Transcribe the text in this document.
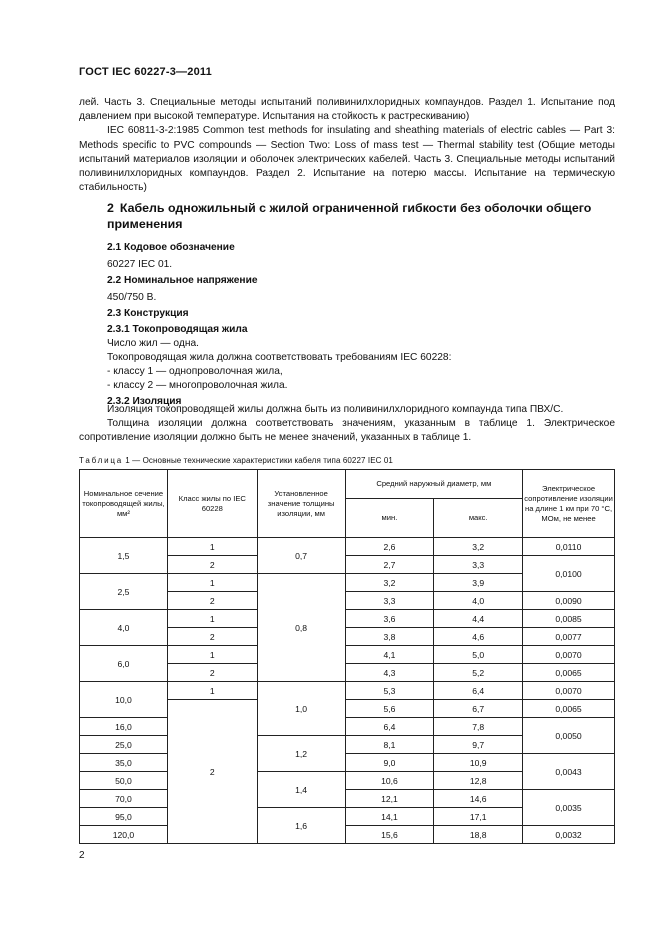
ГОСТ IEC 60227-3—2011

лей. Часть 3. Специальные методы испытаний поливинилхлоридных компаундов. Раздел 1. Испытание под давлением при высокой температуре. Испытания на стойкость к растрескиванию)

IEC 60811-3-2:1985 Common test methods for insulating and sheathing materials of electric cables — Part 3: Methods specific to PVC compounds — Section Two: Loss of mass test — Thermal stability test (Общие методы испытаний материалов изоляции и оболочек электрических кабелей. Часть 3. Специальные методы испытаний поливинилхлоридных компаундов. Раздел 2. Испытание на потерю массы. Испытание на термическую стабильность)

2 Кабель одножильный с жилой ограниченной гибкости без оболочки общего применения

2.1 Кодовое обозначение

60227 IEC 01.

2.2 Номинальное напряжение

450/750 В.

2.3 Конструкция

2.3.1 Токопроводящая жила

Число жил — одна.

Токопроводящая жила должна соответствовать требованиям IEC 60228:

- классу 1 — однопроволочная жила,

- классу 2 — многопроволочная жила.

2.3.2 Изоляция

Изоляция токопроводящей жилы должна быть из поливинилхлоридного компаунда типа ПВХ/С.

Толщина изоляции должна соответствовать значениям, указанным в таблице 1. Электрическое сопротивление изоляции должно быть не менее значений, указанных в таблице 1.

Таблица 1 — Основные технические характеристики кабеля типа 60227 IEC 01
Номинальное сечение токопроводящей жилы, мм²	Класс жилы по IEC 60228	Установленное значение толщины изоляции, мм	Средний наружный диаметр, мм		Электрическое сопротивление изоляции на длине 1 км при 70 °С, МОм, не менее
			мин.	макс.	
1,5	1	0,7	2,6	3,2	0,0110
	2		2,7	3,3	0,0100
2,5	1	0,8	3,2	3,9	
	2		3,3	4,0	0,0090
4,0	1		3,6	4,4	0,0085
	2		3,8	4,6	0,0077
6,0	1		4,1	5,0	0,0070
	2		4,3	5,2	0,0065
10,0	1	1,0	5,3	6,4	0,0070
	2		5,6	6,7	0,0065
16,0			6,4	7,8	0,0050
25,0		1,2	8,1	9,7	
35,0			9,0	10,9	0,0043
50,0		1,4	10,6	12,8	
70,0			12,1	14,6	0,0035
95,0		1,6	14,1	17,1	
120,0			15,6	18,8	0,0032
2
